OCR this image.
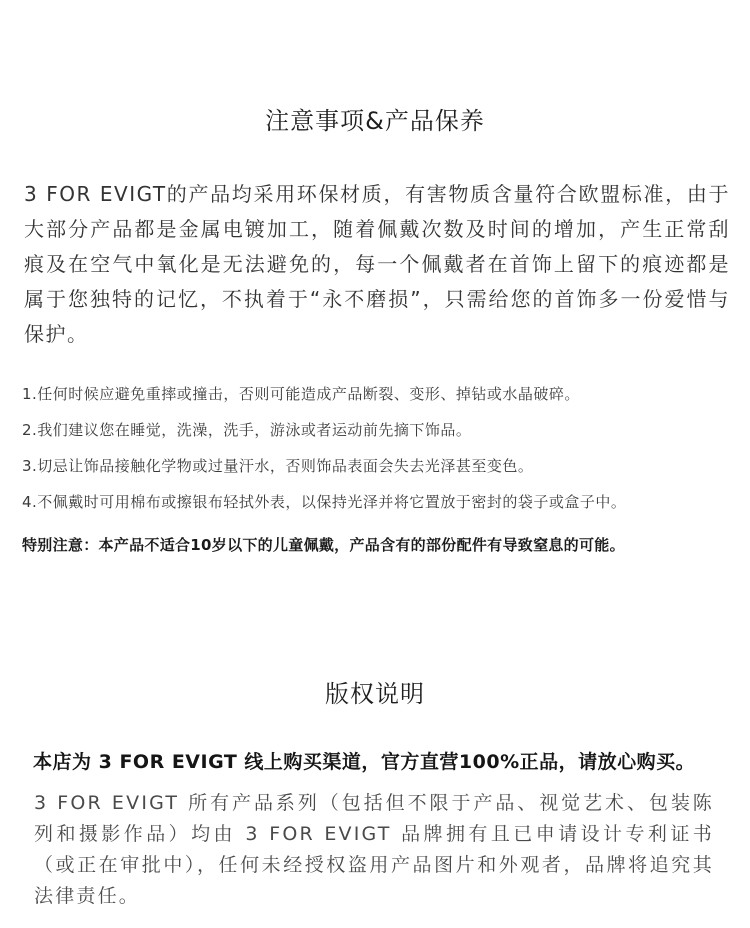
注意事项&产品保养

3 FOR EVIGT的产品均采用环保材质，有害物质含量符合欧盟标准，由于大部分产品都是金属电镀加工，随着佩戴次数及时间的增加，产生正常刮痕及在空气中氧化是无法避免的，每一个佩戴者在首饰上留下的痕迹都是属于您独特的记忆，不执着于“永不磨损”，只需给您的首饰多一份爱惜与保护。

1.任何时候应避免重摔或撞击，否则可能造成产品断裂、变形、掉钻或水晶破碎。
2.我们建议您在睡觉，洗澡，洗手，游泳或者运动前先摘下饰品。
3.切忌让饰品接触化学物或过量汗水，否则饰品表面会失去光泽甚至变色。
4.不佩戴时可用棉布或擦银布轻拭外表，以保持光泽并将它置放于密封的袋子或盒子中。

特别注意：本产品不适合10岁以下的儿童佩戴，产品含有的部份配件有导致窒息的可能。

版权说明

本店为 3 FOR EVIGT 线上购买渠道，官方直营100%正品，请放心购买。

3 FOR EVIGT 所有产品系列（包括但不限于产品、视觉艺术、包装陈列和摄影作品）均由 3 FOR EVIGT 品牌拥有且已申请设计专利证书（或正在审批中），任何未经授权盗用产品图片和外观者，品牌将追究其法律责任。
